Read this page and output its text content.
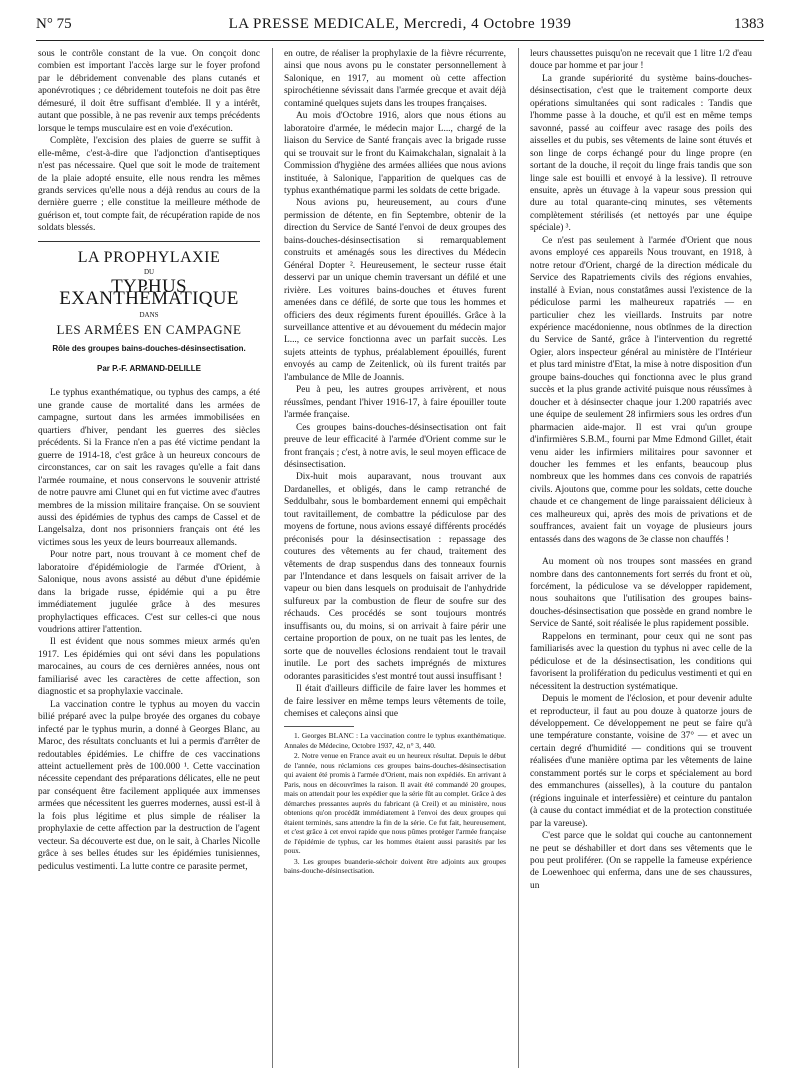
N° 75	LA PRESSE MEDICALE, Mercredi, 4 Octobre 1939	1383

sous le contrôle constant de la vue. On conçoit donc combien est important l'accès large sur le foyer profond par le débridement convenable des plans cutanés et aponévrotiques ; ce débridement toutefois ne doit pas être démesuré, il doit être suffisant d'emblée. Il y a intérêt, autant que possible, à ne pas revenir aux temps précédents lorsque le temps musculaire est en voie d'exécution.

Complète, l'excision des plaies de guerre se suffit à elle-même, c'est-à-dire que l'adjonction d'antiseptiques n'est pas nécessaire. Quel que soit le mode de traitement de la plaie adopté ensuite, elle nous rendra les mêmes grands services qu'elle nous a déjà rendus au cours de la dernière guerre ; elle constitue la meilleure méthode de guérison et, tout compte fait, de récupération rapide de nos soldats blessés.

LA PROPHYLAXIE
DU
TYPHUS EXANTHÉMATIQUE
DANS
LES ARMÉES EN CAMPAGNE
Rôle des groupes bains-douches-désinsectisation.
Par P.-F. ARMAND-DELILLE

Le typhus exanthématique, ou typhus des camps, a été une grande cause de mortalité dans les armées de campagne, surtout dans les armées immobilisées en quartiers d'hiver, pendant les guerres des siècles précédents. Si la France n'en a pas été victime pendant la guerre de 1914-18, c'est grâce à un heureux concours de circonstances, car on sait les ravages qu'elle a fait dans l'armée roumaine, et nous conservons le souvenir attristé de notre pauvre ami Clunet qui en fut victime avec d'autres membres de la mission militaire française. On se souvient aussi des épidémies de typhus des camps de Cassel et de Langelsalza, dont nos prisonniers français ont été les victimes sous les yeux de leurs bourreaux allemands.

Pour notre part, nous trouvant à ce moment chef de laboratoire d'épidémiologie de l'armée d'Orient, à Salonique, nous avons assisté au début d'une épidémie dans la brigade russe, épidémie qui a pu être immédiatement jugulée grâce à des mesures prophylactiques efficaces. C'est sur celles-ci que nous voudrions attirer l'attention.

Il est évident que nous sommes mieux armés qu'en 1917. Les épidémies qui ont sévi dans les populations marocaines, au cours de ces dernières années, nous ont familiarisé avec les caractères de cette affection, son diagnostic et sa prophylaxie vaccinale.

La vaccination contre le typhus au moyen du vaccin bilié préparé avec la pulpe broyée des organes du cobaye infecté par le typhus murin, a donné à Georges Blanc, au Maroc, des résultats concluants et lui a permis d'arrêter de redoutables épidémies. Le chiffre de ces vaccinations atteint actuellement près de 100.000 ¹. Cette vaccination nécessite cependant des préparations délicates, elle ne peut par conséquent être facilement appliquée aux immenses armées que nécessitent les guerres modernes, aussi est-il à la fois plus légitime et plus simple de réaliser la prophylaxie de cette affection par la destruction de l'agent vecteur. Sa découverte est due, on le sait, à Charles Nicolle grâce à ses belles études sur les épidémies tunisiennes, pediculus vestimenti. La lutte contre ce parasite permet,

en outre, de réaliser la prophylaxie de la fièvre récurrente, ainsi que nous avons pu le constater personnellement à Salonique, en 1917, au moment où cette affection spirochétienne sévissait dans l'armée grecque et avait déjà contaminé quelques sujets dans les troupes françaises.

Au mois d'Octobre 1916, alors que nous étions au laboratoire d'armée, le médecin major L..., chargé de la liaison du Service de Santé français avec la brigade russe qui se trouvait sur le front du Kaimakchalan, signalait à la Commission d'hygiène des armées alliées que nous avions instituée, à Salonique, l'apparition de quelques cas de typhus exanthématique parmi les soldats de cette brigade.

Nous avions pu, heureusement, au cours d'une permission de détente, en fin Septembre, obtenir de la direction du Service de Santé l'envoi de deux groupes des bains-douches-désinsectisation si remarquablement construits et aménagés sous les directives du Médecin Général Dopter ². Heureusement, le secteur russe était desservi par un unique chemin traversant un défilé et une rivière. Les voitures bains-douches et étuves furent amenées dans ce défilé, de sorte que tous les hommes et officiers des deux régiments furent épouillés. Grâce à la surveillance attentive et au dévouement du médecin major L..., ce service fonctionna avec un parfait succès. Les sujets atteints de typhus, préalablement épouillés, furent envoyés au camp de Zeitenlick, où ils furent traités par l'ambulance de Mlle de Joannis.

Peu à peu, les autres groupes arrivèrent, et nous réussîmes, pendant l'hiver 1916-17, à faire épouiller toute l'armée française.

Ces groupes bains-douches-désinsectisation ont fait preuve de leur efficacité à l'armée d'Orient comme sur le front français ; c'est, à notre avis, le seul moyen efficace de désinsectisation.

Dix-huit mois auparavant, nous trouvant aux Dardanelles, et obligés, dans le camp retranché de Seddulbahr, sous le bombardement ennemi qui empêchait tout ravitaillement, de combattre la pédiculose par des moyens de fortune, nous avions essayé différents procédés préconisés pour la désinsectisation : repassage des coutures des vêtements au fer chaud, traitement des vêtements de drap suspendus dans des tonneaux fournis par l'Intendance et dans lesquels on faisait arriver de la vapeur ou bien dans lesquels on produisait de l'anhydride sulfureux par la combustion de fleur de soufre sur des réchauds. Ces procédés se sont toujours montrés insuffisants ou, du moins, si on arrivait à faire périr une certaine proportion de poux, on ne tuait pas les lentes, de sorte que de nouvelles éclosions rendaient tout le travail inutile. Le port des sachets imprégnés de mixtures odorantes parasiticides s'est montré tout aussi insuffisant !

Il était d'ailleurs difficile de faire laver les hommes et de faire lessiver en même temps leurs vêtements de toile, chemises et caleçons ainsi que

1. Georges BLANC : La vaccination contre le typhus exanthématique. Annales de Médecine, Octobre 1937, 42, n° 3, 440.

2. Notre venue en France avait eu un heureux résultat. Depuis le début de l'année, nous réclamions ces groupes bains-douches-désinsectisation qui avaient été promis à l'armée d'Orient, mais non expédiés. En arrivant à Paris, nous en découvrîmes la raison. Il avait été commandé 20 groupes, mais on attendait pour les expédier que la série fût au complet. Grâce à des démarches pressantes auprès du fabricant (à Creil) et au ministère, nous obtenions qu'on procédât immédiatement à l'envoi des deux groupes qui étaient terminés, sans attendre la fin de la série. Ce fut fait, heureusement, et c'est grâce à cet envoi rapide que nous pûmes protéger l'armée française de l'épidémie de typhus, car les hommes étaient aussi parasités par les poux.

3. Les groupes buanderie-séchoir doivent être adjoints aux groupes bains-douche-désinsectisation.

leurs chaussettes puisqu'on ne recevait que 1 litre 1/2 d'eau douce par homme et par jour !

La grande supériorité du système bains-douches-désinsectisation, c'est que le traitement comporte deux opérations simultanées qui sont radicales : Tandis que l'homme passe à la douche, et qu'il est en même temps savonné, passé au coiffeur avec rasage des poils des aisselles et du pubis, ses vêtements de laine sont étuvés et son linge de corps échangé pour du linge propre (en sortant de la douche, il reçoit du linge frais tandis que son linge sale est bouilli et envoyé à la lessive). Il retrouve ensuite, après un étuvage à la vapeur sous pression qui dure au total quarante-cinq minutes, ses vêtements complètement stérilisés (et nettoyés par une équipe spéciale) ³.

Ce n'est pas seulement à l'armée d'Orient que nous avons employé ces appareils Nous trouvant, en 1918, à notre retour d'Orient, chargé de la direction médicale du Service des Rapatriements civils des régions envahies, installé à Evian, nous constatâmes aussi l'existence de la pédiculose parmi les malheureux rapatriés — en particulier chez les vieillards. Instruits par notre expérience macédonienne, nous obtînmes de la direction du Service de Santé, grâce à l'intervention du regretté Ogier, alors inspecteur général au ministère de l'Intérieur et plus tard ministre d'Etat, la mise à notre disposition d'un groupe bains-douches qui fonctionna avec le plus grand succès et la plus grande activité puisque nous réussîmes à doucher et à désinsecter chaque jour 1.200 rapatriés avec une équipe de seulement 28 infirmiers sous les ordres d'un pharmacien aide-major. Il est vrai qu'un groupe d'infirmières S.B.M., fourni par Mme Edmond Gillet, était venu aider les infirmiers militaires pour savonner et doucher les femmes et les enfants, beaucoup plus nombreux que les hommes dans ces convois de rapatriés civils. Ajoutons que, comme pour les soldats, cette douche chaude et ce changement de linge paraissaient délicieux à ces malheureux qui, après des mois de privations et de souffrances, avaient fait un voyage de plusieurs jours entassés dans des wagons de 3e classe non chauffés !

Au moment où nos troupes sont massées en grand nombre dans des cantonnements fort serrés du front et où, forcément, la pédiculose va se développer rapidement, nous souhaitons que l'utilisation des groupes bains-douches-désinsectisation que possède en grand nombre le Service de Santé, soit réalisée le plus rapidement possible.

Rappelons en terminant, pour ceux qui ne sont pas familiarisés avec la question du typhus ni avec celle de la pédiculose et de la désinsectisation, les conditions qui favorisent la prolifération du pediculus vestimenti et qui en nécessitent la destruction systématique.

Depuis le moment de l'éclosion, et pour devenir adulte et reproducteur, il faut au pou douze à quatorze jours de développement. Ce développement ne peut se faire qu'à une température constante, voisine de 37° — et avec un certain degré d'humidité — conditions qui se trouvent réalisées d'une manière optima par les vêtements de laine constamment portés sur le corps et spécialement au bord des emmanchures (aisselles), à la couture du pantalon (régions inguinale et interfessière) et ceinture du pantalon (à cause du contact immédiat et de la protection constituée par la vareuse).

C'est parce que le soldat qui couche au cantonnement ne peut se déshabiller et dort dans ses vêtements que le pou peut proliférer. (On se rappelle la fameuse expérience de Loewenhoec qui enferma, dans une de ses chaussures, un
